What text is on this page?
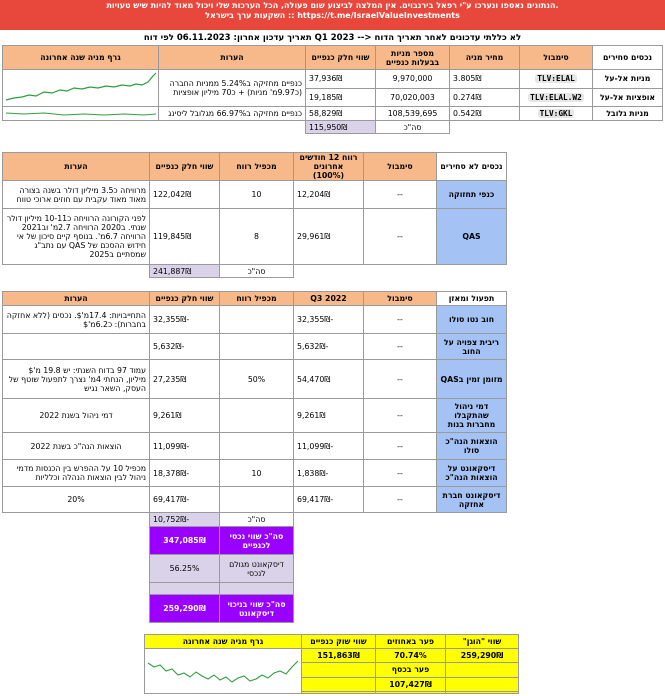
הנתונים נאספו ונערכו ע"י רפאל בירנבוים. אין המלצה לביצוע שום פעולה, הכל הערכות שלי ויכול מאוד להיות שיש טעויות.
השקעות ערך בישראל :: https://t.me/IsraelValueInvestments
תאריך עדכון אחרון: 06.11.2023 לפי דוח Q1 2023 --> לא כללתי עדכונים לאחר תאריך הדוח
נכסים סחירים	סימבול	מחיר מניה	מספר מניות בבעלות כנפיים	שווי חלק כנפיים	הערות	גרף מניה שנה אחרונה
מניות אל-על	TLV:ELAL	3.805₪	9,970,000	37,936₪	כנפיים מחזיקה ב5.24% ממניות החברה (כ9.97מ' מניות) + כ70 מיליון אופציות	

אופציות אל-על	TLV:ELAL.W2	0.274₪	70,020,003	19,185₪		
מניות גלובל	TLV:GKL	0.542₪	108,539,695	58,829₪	כנפיים מחזיקה ב66.97% מגלובל ליסינג	

			סה"כ	115,950₪		
נכסים לא סחירים	סימבול	רווח 12 חודשים אחרונים (100%)	מכפיל רווח	שווי חלק כנפיים	הערות
כנפי תחזוקה	--	12,204₪	10	122,042₪	מרוויחה כ3.5 מיליון דולר בשנה בצורה מאוד מאוד עקבית עם חוזים ארוכי טווח
QAS	--	29,961₪	8	119,845₪	לפני הקורונה הרוויחה כ10-11 מיליון דולר שנתי. ב2020 הרוויחה 2.7מ' וב2021 הרוויחה 6.7מ'. בנוסף קיים סיכון של אי חידוש ההסכם של QAS עם נתב"ג שמסתיים ב2025
			סה"כ	241,887₪	
תפעול ומאזן	סימבול	Q3 2022	מכפיל רווח	שווי חלק כנפיים	הערות
חוב נטו סולו	--	-32,355₪		-32,355₪	התחייבויות: 17.4מ'$. נכסים (ללא אחזקה בחברות): כ6.2מ'$
ריבית צפויה על החוב	--	-5,632₪		-5,632₪	
מזומן זמין בQAS	--	54,470₪	50%	27,235₪	עמוד 97 בדוח השנתי: יש 19.8 מ'$ מיליון, הנחתי 4מ' נצרך לתפעול שוטף של העסק, השאר נגיש
דמי ניהול שהתקבלו מחברות בנות	--	9,261₪		9,261₪	דמי ניהול בשנת 2022
הוצאות הנה"כ סולו	--	-11,099₪		-11,099₪	הוצאות הנה"כ בשנת 2022
דיסקאונט על הוצאות הנה"כ	--	-1,838₪	10	-18,378₪	מכפיל 10 על ההפרש בין הכנסות מדמי ניהול לבין הוצאות הנהלה וכלליות
דיסקאונט חברת אחזקה	--	-69,417₪		-69,417₪	20%
			סה"כ	-10,752₪	
			סה"כ שווי נכסי לכנפיים	347,085₪	
			דיסקאונט מגולם לנכסי	56.25%	

			סה"כ שווי בניכוי דיסקאונט	259,290₪	
שווי "הוגן"	פער באחוזים	שווי שוק כנפיים	גרף מניה שנה אחרונה
259,290₪	70.74%	151,863₪	

	פער בכסף		
	107,427₪		
